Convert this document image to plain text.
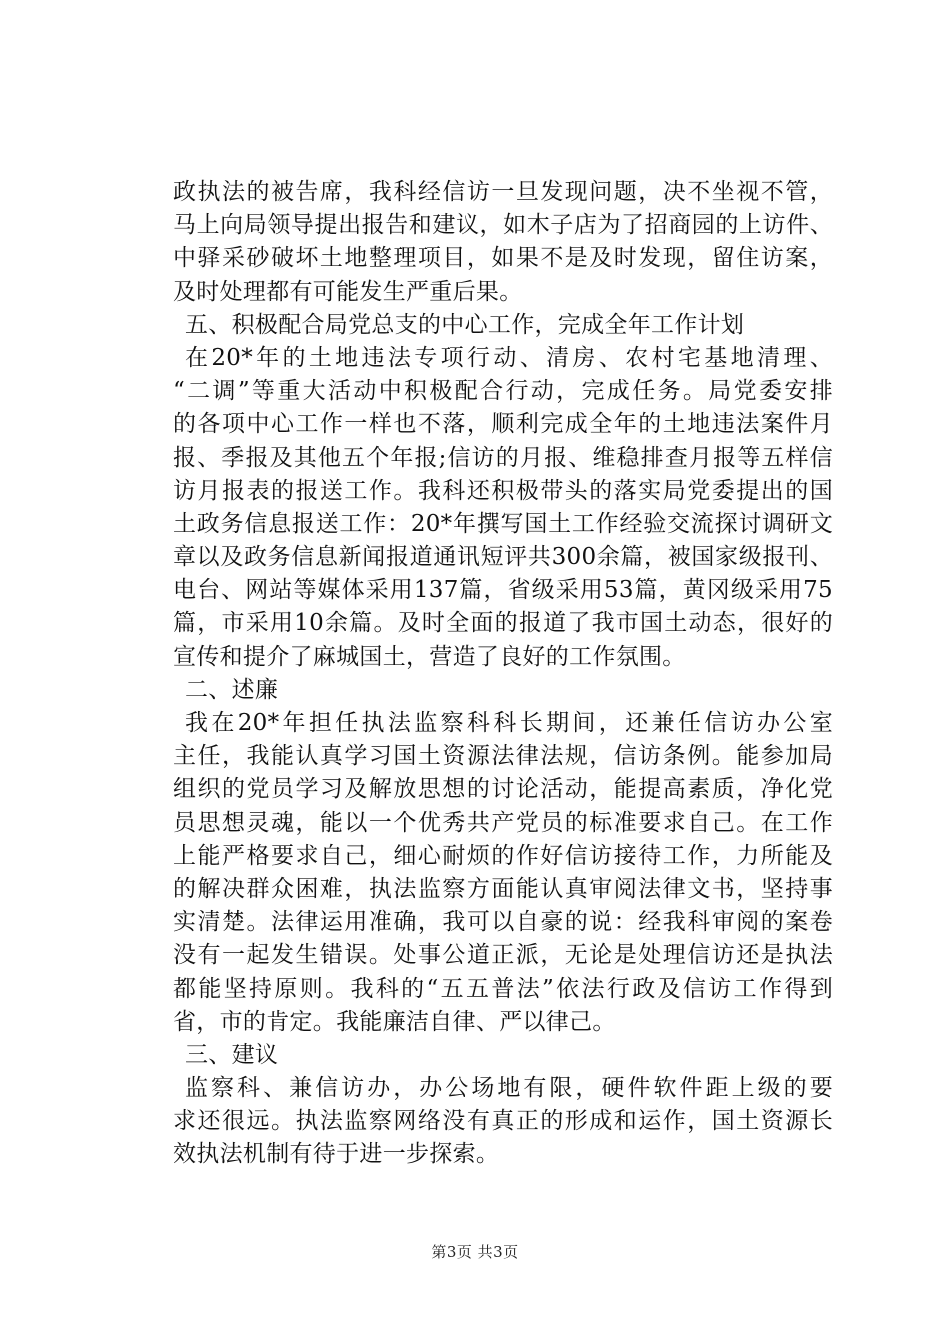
政执法的被告席，我科经信访一旦发现问题，决不坐视不管，
马上向局领导提出报告和建议，如木子店为了招商园的上访件、
中驿采砂破坏土地整理项目，如果不是及时发现，留住访案，
及时处理都有可能发生严重后果。
五、积极配合局党总支的中心工作，完成全年工作计划
在20*年的土地违法专项行动、清房、农村宅基地清理、
“二调”等重大活动中积极配合行动，完成任务。局党委安排
的各项中心工作一样也不落，顺利完成全年的土地违法案件月
报、季报及其他五个年报;信访的月报、维稳排查月报等五样信
访月报表的报送工作。我科还积极带头的落实局党委提出的国
土政务信息报送工作：20*年撰写国土工作经验交流探讨调研文
章以及政务信息新闻报道通讯短评共300余篇，被国家级报刊、
电台、网站等媒体采用137篇，省级采用53篇，黄冈级采用75
篇，市采用10余篇。及时全面的报道了我市国土动态，很好的
宣传和提介了麻城国土，营造了良好的工作氛围。
二、述廉
我在20*年担任执法监察科科长期间，还兼任信访办公室
主任，我能认真学习国土资源法律法规，信访条例。能参加局
组织的党员学习及解放思想的讨论活动，能提高素质，净化党
员思想灵魂，能以一个优秀共产党员的标准要求自己。在工作
上能严格要求自己，细心耐烦的作好信访接待工作，力所能及
的解决群众困难，执法监察方面能认真审阅法律文书，坚持事
实清楚。法律运用准确，我可以自豪的说：经我科审阅的案卷
没有一起发生错误。处事公道正派，无论是处理信访还是执法
都能坚持原则。我科的“五五普法”依法行政及信访工作得到
省，市的肯定。我能廉洁自律、严以律己。
三、建议
监察科、兼信访办，办公场地有限，硬件软件距上级的要
求还很远。执法监察网络没有真正的形成和运作，国土资源长
效执法机制有待于进一步探索。
第3页 共3页
